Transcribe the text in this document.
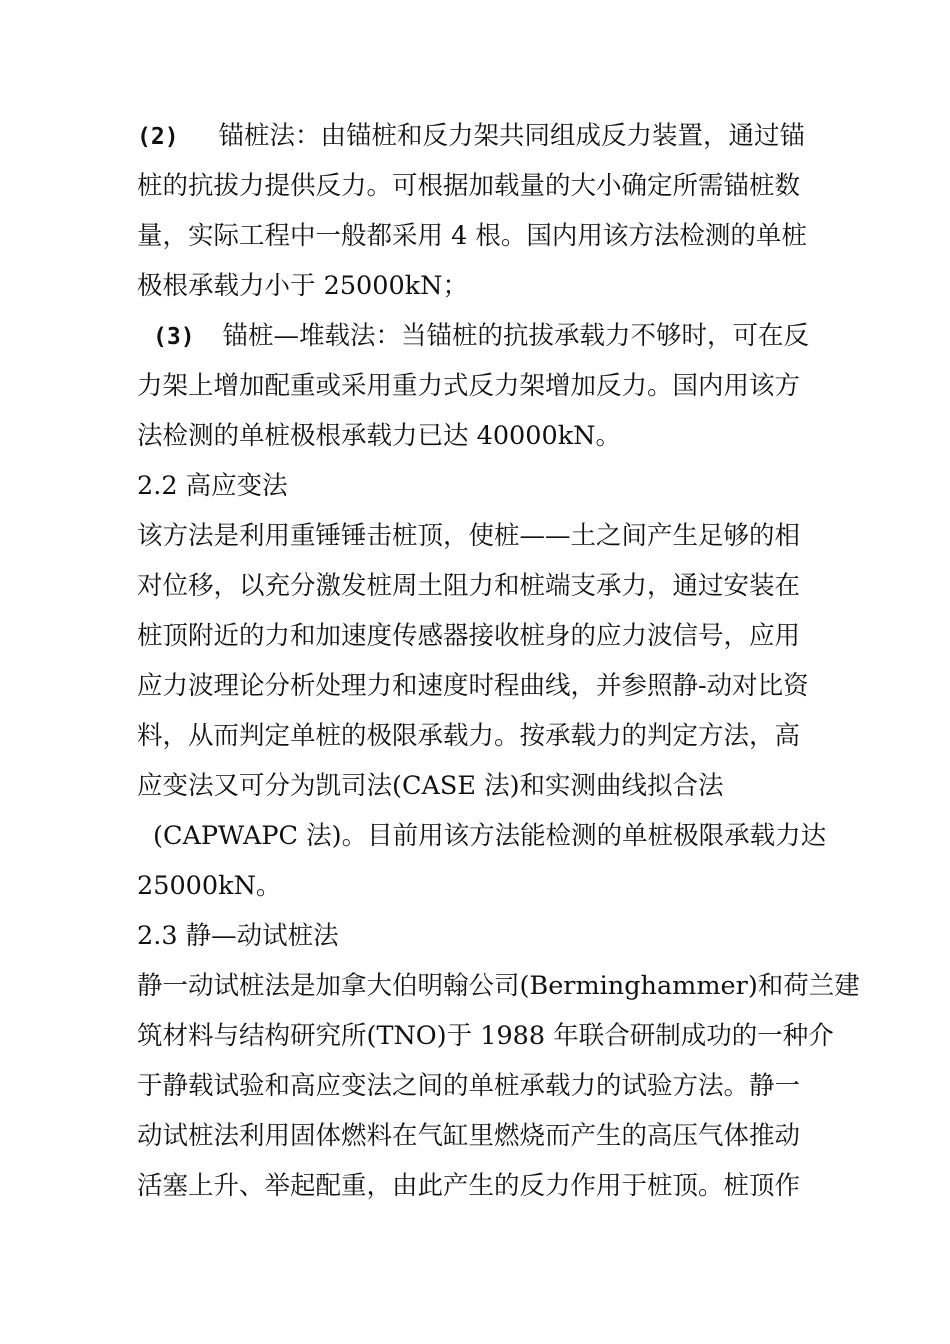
(2) 锚桩法：由锚桩和反力架共同组成反力装置，通过锚
桩的抗拔力提供反力。可根据加载量的大小确定所需锚桩数
量，实际工程中一般都采用 4 根。国内用该方法检测的单桩
极根承载力小于 25000kN；
(3) 锚桩—堆载法：当锚桩的抗拔承载力不够时，可在反
力架上增加配重或采用重力式反力架增加反力。国内用该方
法检测的单桩极根承载力已达 40000kN。
2.2 高应变法
该方法是利用重锤锤击桩顶，使桩——土之间产生足够的相
对位移，以充分激发桩周土阻力和桩端支承力，通过安装在
桩顶附近的力和加速度传感器接收桩身的应力波信号，应用
应力波理论分析处理力和速度时程曲线，并参照静-动对比资
料，从而判定单桩的极限承载力。按承载力的判定方法，高
应变法又可分为凯司法(CASE 法)和实测曲线拟合法
(CAPWAPC 法)。目前用该方法能检测的单桩极限承载力达
25000kN。
2.3 静—动试桩法
静一动试桩法是加拿大伯明翰公司(Berminghammer)和荷兰建
筑材料与结构研究所(TNO)于 1988 年联合研制成功的一种介
于静载试验和高应变法之间的单桩承载力的试验方法。静一
动试桩法利用固体燃料在气缸里燃烧而产生的高压气体推动
活塞上升、举起配重，由此产生的反力作用于桩顶。桩顶作
